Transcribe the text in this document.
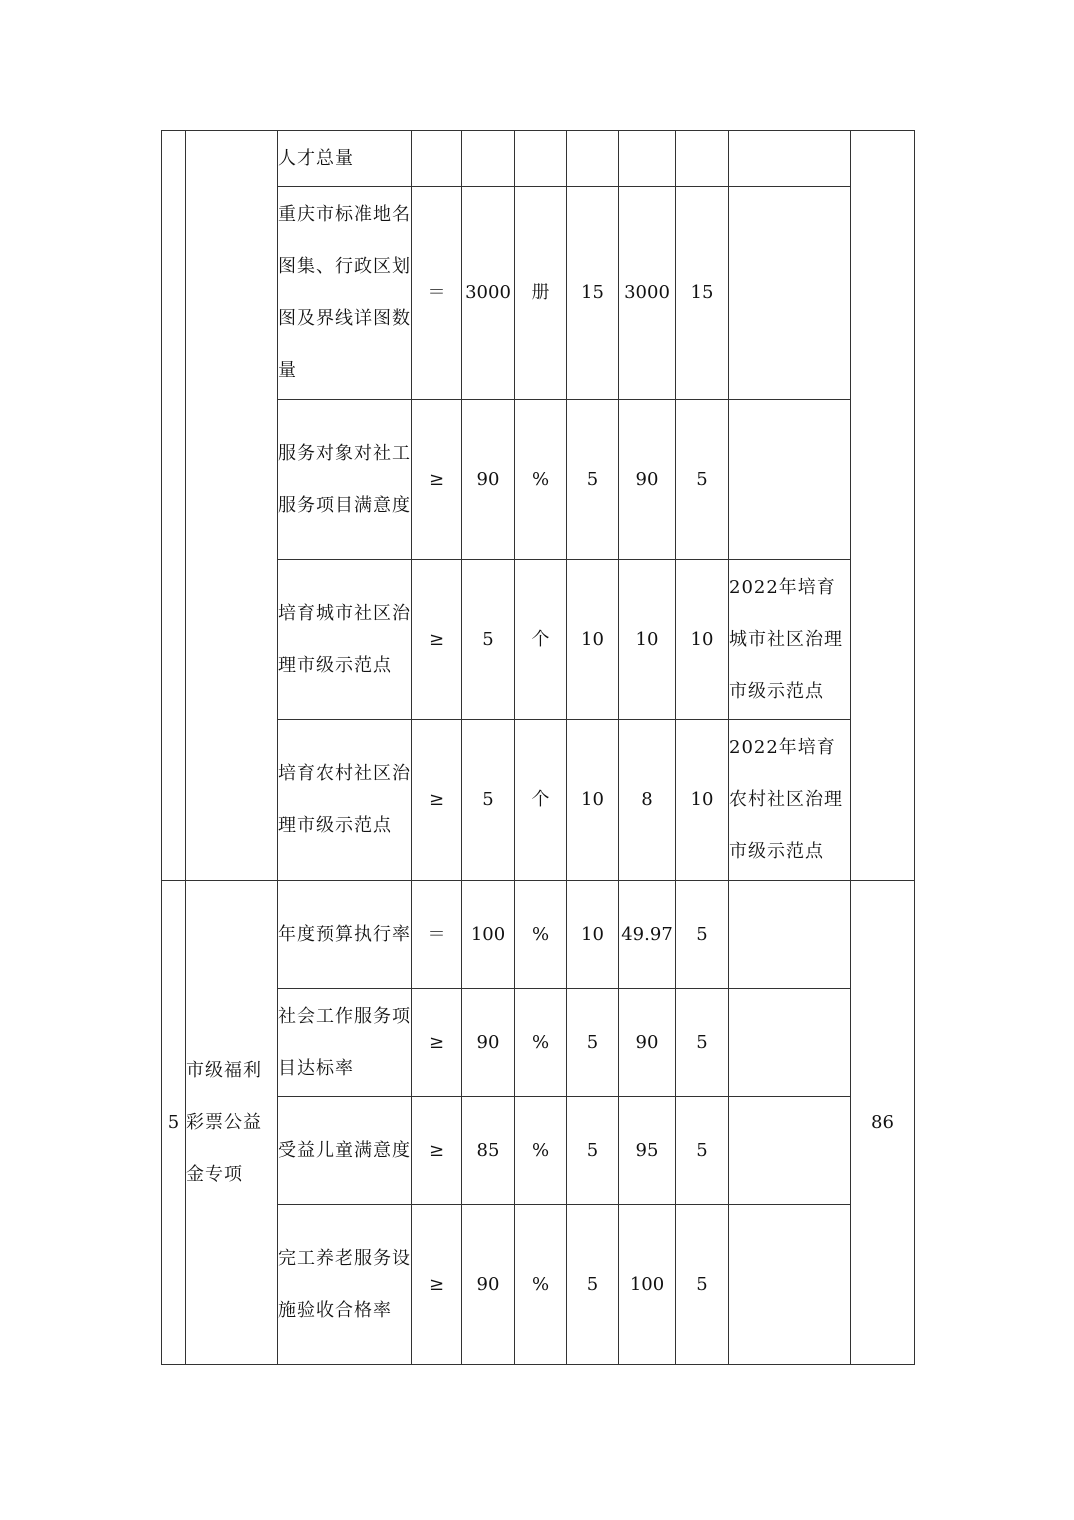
		人才总量								
		重庆市标准地名图集、行政区划图及界线详图数量	＝	3000	册	15	3000	15		
		服务对象对社工服务项目满意度	≥	90	%	5	90	5		
		培育城市社区治理市级示范点	≥	5	个	10	10	10	2022年培育城市社区治理市级示范点	
		培育农村社区治理市级示范点	≥	5	个	10	8	10	2022年培育农村社区治理市级示范点	
5	市级福利彩票公益金专项	年度预算执行率	＝	100	%	10	49.97	5		86
		社会工作服务项目达标率	≥	90	%	5	90	5		
		受益儿童满意度	≥	85	%	5	95	5		
		完工养老服务设施验收合格率	≥	90	%	5	100	5		
